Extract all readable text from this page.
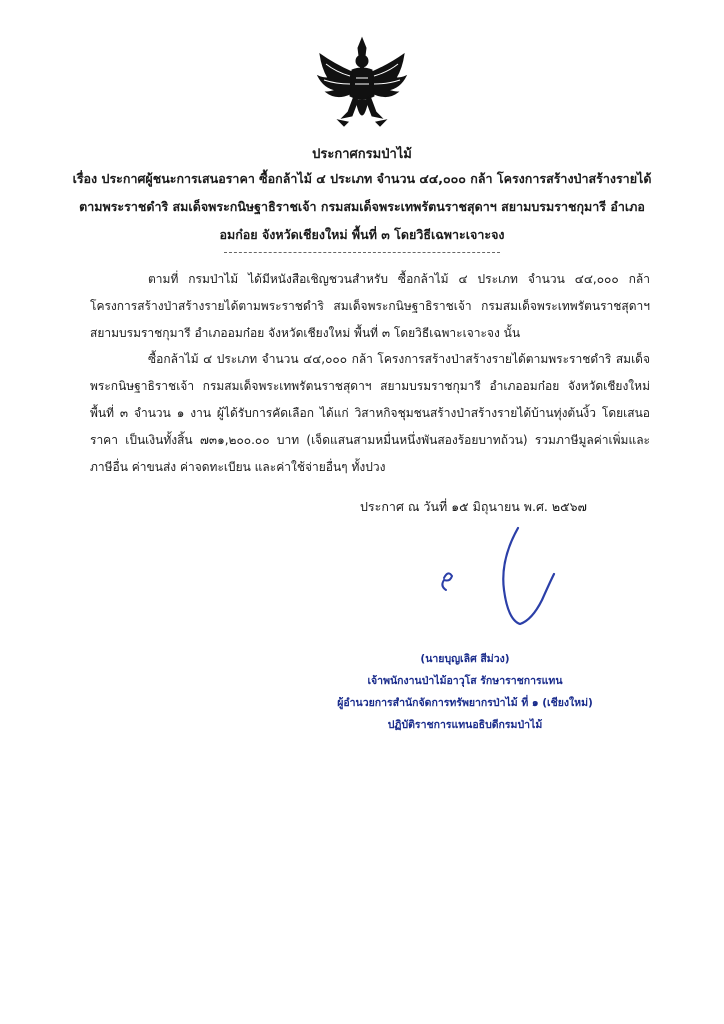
ประกาศกรมป่าไม้
เรื่อง ประกาศผู้ชนะการเสนอราคา ซื้อกล้าไม้ ๔ ประเภท จำนวน ๔๔,๐๐๐ กล้า โครงการสร้างป่าสร้างรายได้
ตามพระราชดำริ สมเด็จพระกนิษฐาธิราชเจ้า กรมสมเด็จพระเทพรัตนราชสุดาฯ สยามบรมราชกุมารี อำเภอ
อมก๋อย จังหวัดเชียงใหม่ พื้นที่ ๓ โดยวิธีเฉพาะเจาะจง
ตามที่ กรมป่าไม้ ได้มีหนังสือเชิญชวนสำหรับ ซื้อกล้าไม้ ๔ ประเภท จำนวน ๔๔,๐๐๐ กล้า โครงการสร้างป่าสร้างรายได้ตามพระราชดำริ สมเด็จพระกนิษฐาธิราชเจ้า กรมสมเด็จพระเทพรัตนราชสุดาฯ สยามบรมราชกุมารี อำเภออมก๋อย จังหวัดเชียงใหม่ พื้นที่ ๓ โดยวิธีเฉพาะเจาะจง นั้น
ซื้อกล้าไม้ ๔ ประเภท จำนวน ๔๔,๐๐๐ กล้า โครงการสร้างป่าสร้างรายได้ตามพระราชดำริ สมเด็จพระกนิษฐาธิราชเจ้า กรมสมเด็จพระเทพรัตนราชสุดาฯ สยามบรมราชกุมารี อำเภออมก๋อย จังหวัดเชียงใหม่ พื้นที่ ๓ จำนวน ๑ งาน ผู้ได้รับการคัดเลือก ได้แก่ วิสาหกิจชุมชนสร้างป่าสร้างรายได้บ้านทุ่งต้นงิ้ว โดยเสนอราคา เป็นเงินทั้งสิ้น ๗๓๑,๒๐๐.๐๐ บาท (เจ็ดแสนสามหมื่นหนึ่งพันสองร้อยบาทถ้วน) รวมภาษีมูลค่าเพิ่มและภาษีอื่น ค่าขนส่ง ค่าจดทะเบียน และค่าใช้จ่ายอื่นๆ ทั้งปวง
ประกาศ ณ วันที่ ๑๕ มิถุนายน พ.ศ. ๒๕๖๗
(นายบุญเลิศ สีม่วง)
เจ้าพนักงานป่าไม้อาวุโส รักษาราชการแทน
ผู้อำนวยการสำนักจัดการทรัพยากรป่าไม้ ที่ ๑ (เชียงใหม่)
ปฏิบัติราชการแทนอธิบดีกรมป่าไม้
